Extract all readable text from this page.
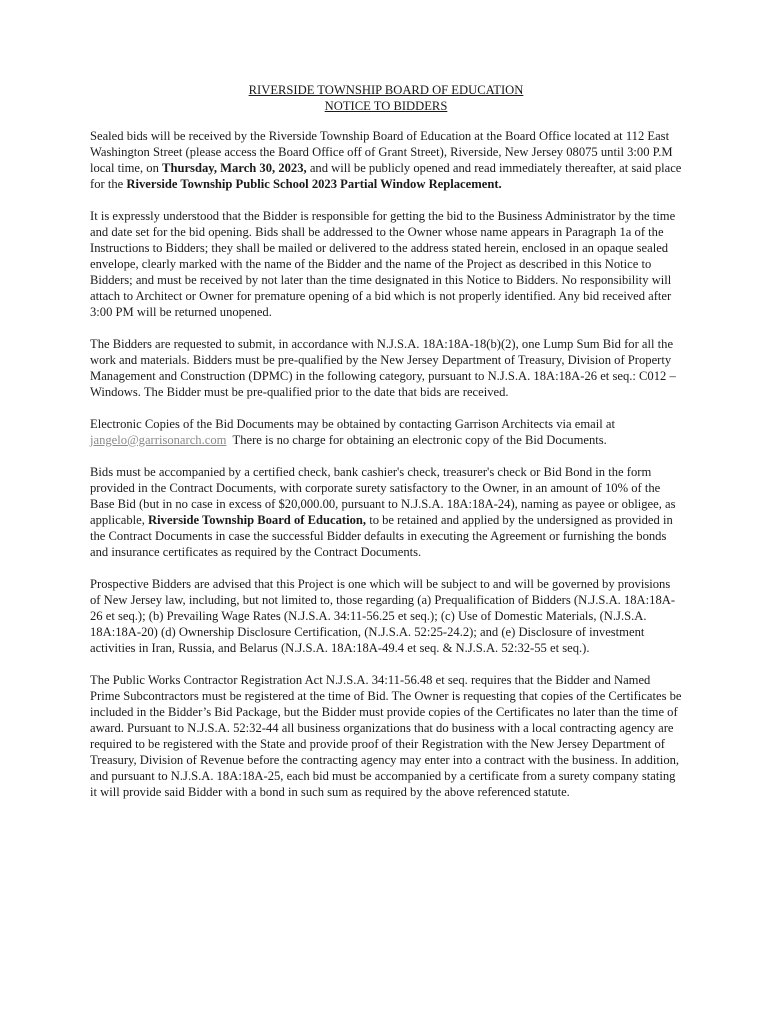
RIVERSIDE TOWNSHIP BOARD OF EDUCATION
NOTICE TO BIDDERS

Sealed bids will be received by the Riverside Township Board of Education at the Board Office located at 112 East Washington Street (please access the Board Office off of Grant Street), Riverside, New Jersey 08075 until 3:00 P.M local time, on Thursday, March 30, 2023, and will be publicly opened and read immediately thereafter, at said place for the Riverside Township Public School 2023 Partial Window Replacement.

It is expressly understood that the Bidder is responsible for getting the bid to the Business Administrator by the time and date set for the bid opening. Bids shall be addressed to the Owner whose name appears in Paragraph 1a of the Instructions to Bidders; they shall be mailed or delivered to the address stated herein, enclosed in an opaque sealed envelope, clearly marked with the name of the Bidder and the name of the Project as described in this Notice to Bidders; and must be received by not later than the time designated in this Notice to Bidders. No responsibility will attach to Architect or Owner for premature opening of a bid which is not properly identified. Any bid received after 3:00 PM will be returned unopened.

The Bidders are requested to submit, in accordance with N.J.S.A. 18A:18A-18(b)(2), one Lump Sum Bid for all the work and materials. Bidders must be pre-qualified by the New Jersey Department of Treasury, Division of Property Management and Construction (DPMC) in the following category, pursuant to N.J.S.A. 18A:18A-26 et seq.: C012 – Windows. The Bidder must be pre-qualified prior to the date that bids are received.

Electronic Copies of the Bid Documents may be obtained by contacting Garrison Architects via email at jangelo@garrisonarch.com  There is no charge for obtaining an electronic copy of the Bid Documents.

Bids must be accompanied by a certified check, bank cashier's check, treasurer's check or Bid Bond in the form provided in the Contract Documents, with corporate surety satisfactory to the Owner, in an amount of 10% of the Base Bid (but in no case in excess of $20,000.00, pursuant to N.J.S.A. 18A:18A-24), naming as payee or obligee, as applicable, Riverside Township Board of Education, to be retained and applied by the undersigned as provided in the Contract Documents in case the successful Bidder defaults in executing the Agreement or furnishing the bonds and insurance certificates as required by the Contract Documents.

Prospective Bidders are advised that this Project is one which will be subject to and will be governed by provisions of New Jersey law, including, but not limited to, those regarding (a) Prequalification of Bidders (N.J.S.A. 18A:18A-26 et seq.); (b) Prevailing Wage Rates (N.J.S.A. 34:11-56.25 et seq.); (c) Use of Domestic Materials, (N.J.S.A. 18A:18A-20) (d) Ownership Disclosure Certification, (N.J.S.A. 52:25-24.2); and (e) Disclosure of investment activities in Iran, Russia, and Belarus (N.J.S.A. 18A:18A-49.4 et seq. & N.J.S.A. 52:32-55 et seq.).

The Public Works Contractor Registration Act N.J.S.A. 34:11-56.48 et seq. requires that the Bidder and Named Prime Subcontractors must be registered at the time of Bid. The Owner is requesting that copies of the Certificates be included in the Bidder’s Bid Package, but the Bidder must provide copies of the Certificates no later than the time of award. Pursuant to N.J.S.A. 52:32-44 all business organizations that do business with a local contracting agency are required to be registered with the State and provide proof of their Registration with the New Jersey Department of Treasury, Division of Revenue before the contracting agency may enter into a contract with the business. In addition, and pursuant to N.J.S.A. 18A:18A-25, each bid must be accompanied by a certificate from a surety company stating it will provide said Bidder with a bond in such sum as required by the above referenced statute.
